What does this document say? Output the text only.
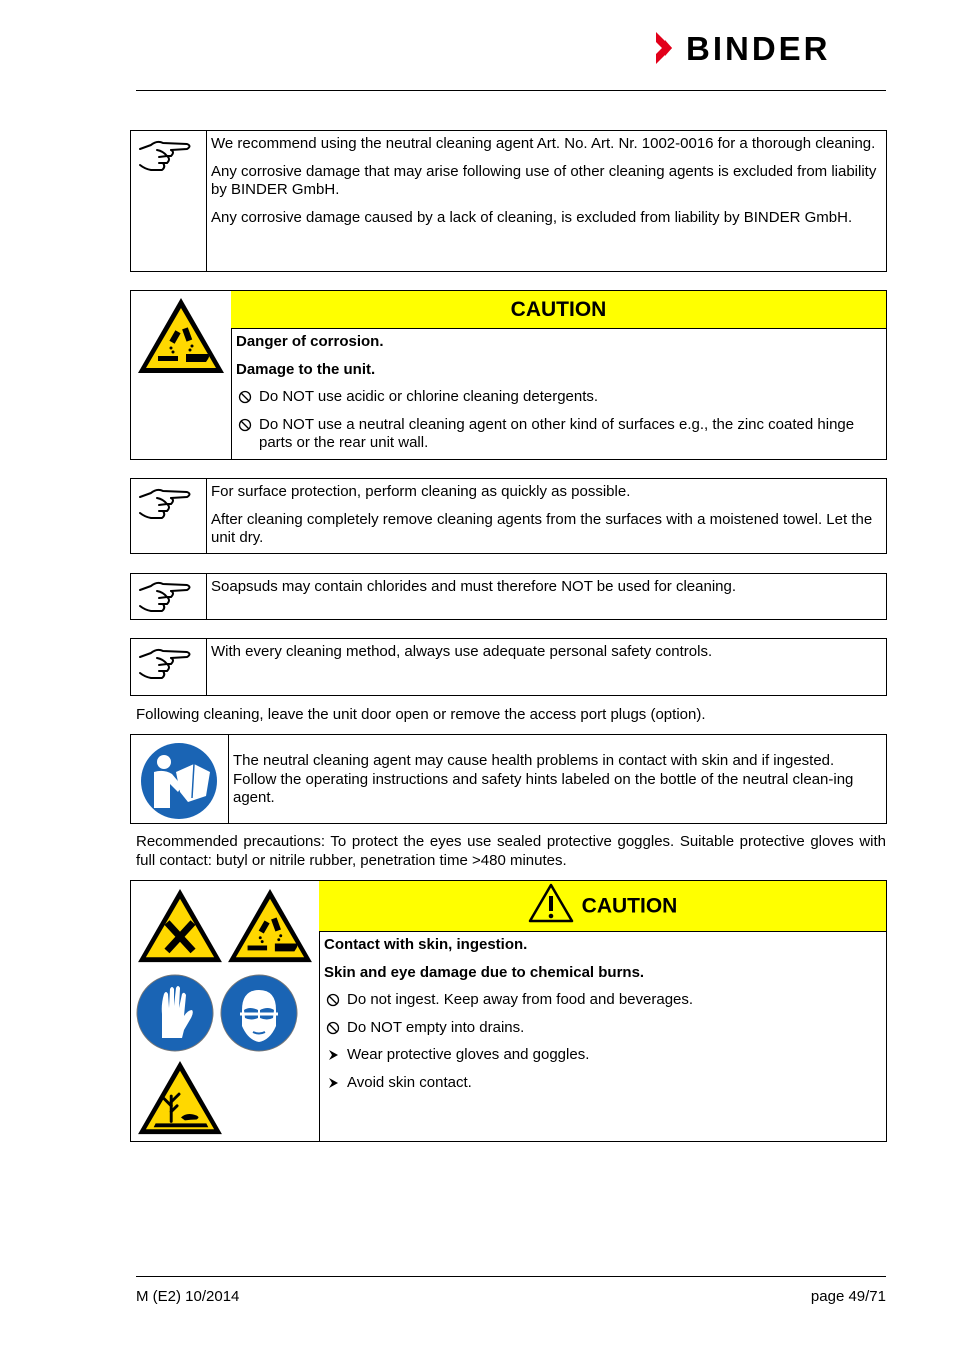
BINDER

We recommend using the neutral cleaning agent Art. No. Art. Nr. 1002-0016 for a thorough cleaning.

Any corrosive damage that may arise following use of other cleaning agents is excluded from liability by BINDER GmbH.

Any corrosive damage caused by a lack of cleaning, is excluded from liability by BINDER GmbH.

CAUTION

Danger of corrosion.

Damage to the unit.

Do NOT use acidic or chlorine cleaning detergents.

Do NOT use a neutral cleaning agent on other kind of surfaces e.g., the zinc coated hinge parts or the rear unit wall.

For surface protection, perform cleaning as quickly as possible.

After cleaning completely remove cleaning agents from the surfaces with a moistened towel. Let the unit dry.

Soapsuds may contain chlorides and must therefore NOT be used for cleaning.

With every cleaning method, always use adequate personal safety controls.

Following cleaning, leave the unit door open or remove the access port plugs (option).

The neutral cleaning agent may cause health problems in contact with skin and if ingested. Follow the operating instructions and safety hints labeled on the bottle of the neutral clean-ing agent.

Recommended precautions: To protect the eyes use sealed protective goggles. Suitable protective gloves with full contact: butyl or nitrile rubber, penetration time >480 minutes.
CAUTION

Contact with skin, ingestion.

Skin and eye damage due to chemical burns.

Do not ingest. Keep away from food and beverages.

Do NOT empty into drains.

Wear protective gloves and goggles.

Avoid skin contact.

M (E2) 10/2014	page 49/71
